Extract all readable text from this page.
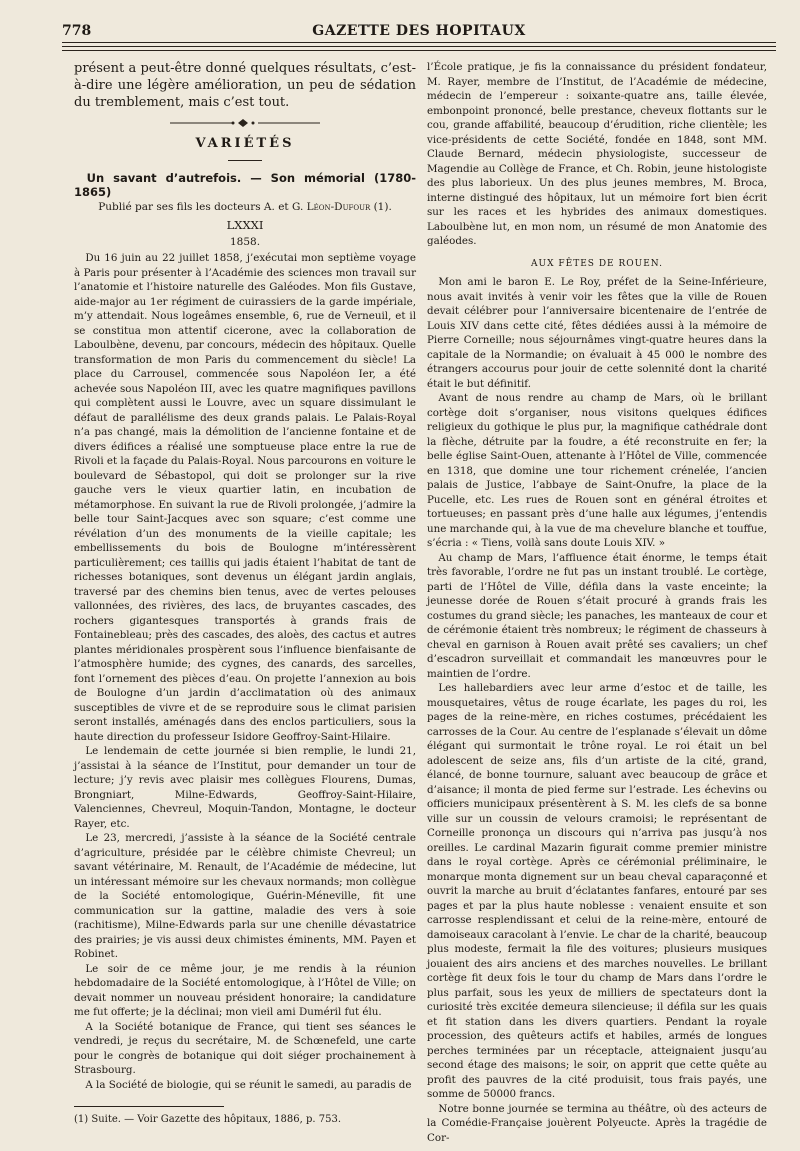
778	GAZETTE DES HOPITAUX

présent a peut-être donné quelques résultats, c’est-à-dire une légère amélioration, un peu de sédation du tremblement, mais c’est tout.

VARIÉTÉS

Un savant d’autrefois. — Son mémorial (1780-1865)

Publié par ses fils les docteurs A. et G. Léon-Dufour (1).
LXXXI
1858.

Du 16 juin au 22 juillet 1858, j’exécutai mon septième voyage à Paris pour présenter à l’Académie des sciences mon travail sur l’anatomie et l’histoire naturelle des Galéodes. Mon fils Gustave, aide-major au 1er régiment de cuirassiers de la garde impériale, m’y attendait. Nous logeâmes ensemble, 6, rue de Verneuil, et il se constitua mon attentif cicerone, avec la collaboration de Laboulbène, devenu, par concours, médecin des hôpitaux. Quelle transformation de mon Paris du commencement du siècle! La place du Carrousel, commencée sous Napoléon Ier, a été achevée sous Napoléon III, avec les quatre magnifiques pavillons qui complètent aussi le Louvre, avec un square dissimulant le défaut de parallélisme des deux grands palais. Le Palais-Royal n’a pas changé, mais la démolition de l’ancienne fontaine et de divers édifices a réalisé une somptueuse place entre la rue de Rivoli et la façade du Palais-Royal. Nous parcourons en voiture le boulevard de Sébastopol, qui doit se prolonger sur la rive gauche vers le vieux quartier latin, en incubation de métamorphose. En suivant la rue de Rivoli prolongée, j’admire la belle tour Saint-Jacques avec son square; c’est comme une révélation d’un des monuments de la vieille capitale; les embellissements du bois de Boulogne m’intéressèrent particulièrement; ces taillis qui jadis étaient l’habitat de tant de richesses botaniques, sont devenus un élégant jardin anglais, traversé par des chemins bien tenus, avec de vertes pelouses vallonnées, des rivières, des lacs, de bruyantes cascades, des rochers gigantesques transportés à grands frais de Fontainebleau; près des cascades, des aloès, des cactus et autres plantes méridionales prospèrent sous l’influence bienfaisante de l’atmosphère humide; des cygnes, des canards, des sarcelles, font l’ornement des pièces d’eau. On projette l’annexion au bois de Boulogne d’un jardin d’acclimatation où des animaux susceptibles de vivre et de se reproduire sous le climat parisien seront installés, aménagés dans des enclos particuliers, sous la haute direction du professeur Isidore Geoffroy-Saint-Hilaire.

Le lendemain de cette journée si bien remplie, le lundi 21, j’assistai à la séance de l’Institut, pour demander un tour de lecture; j’y revis avec plaisir mes collègues Flourens, Dumas, Brongniart, Milne-Edwards, Geoffroy-Saint-Hilaire, Valenciennes, Chevreul, Moquin-Tandon, Montagne, le docteur Rayer, etc.

Le 23, mercredi, j’assiste à la séance de la Société centrale d’agriculture, présidée par le célèbre chimiste Chevreul; un savant vétérinaire, M. Renault, de l’Académie de médecine, lut un intéressant mémoire sur les chevaux normands; mon collègue de la Société entomologique, Guérin-Méneville, fit une communication sur la gattine, maladie des vers à soie (rachitisme), Milne-Edwards parla sur une chenille dévastatrice des prairies; je vis aussi deux chimistes éminents, MM. Payen et Robinet.

Le soir de ce même jour, je me rendis à la réunion hebdomadaire de la Société entomologique, à l’Hôtel de Ville; on devait nommer un nouveau président honoraire; la candidature me fut offerte; je la déclinai; mon vieil ami Duméril fut élu.

A la Société botanique de France, qui tient ses séances le vendredi, je reçus du secrétaire, M. de Schœnefeld, une carte pour le congrès de botanique qui doit siéger prochainement à Strasbourg.

A la Société de biologie, qui se réunit le samedi, au paradis de

(1) Suite. — Voir Gazette des hôpitaux, 1886, p. 753.

l’École pratique, je fis la connaissance du président fondateur, M. Rayer, membre de l’Institut, de l’Académie de médecine, médecin de l’empereur : soixante-quatre ans, taille élevée, embonpoint prononcé, belle prestance, cheveux flottants sur le cou, grande affabilité, beaucoup d’érudition, riche clientèle; les vice-présidents de cette Société, fondée en 1848, sont MM. Claude Bernard, médecin physiologiste, successeur de Magendie au Collège de France, et Ch. Robin, jeune histologiste des plus laborieux. Un des plus jeunes membres, M. Broca, interne distingué des hôpitaux, lut un mémoire fort bien écrit sur les races et les hybrides des animaux domestiques. Laboulbène lut, en mon nom, un résumé de mon Anatomie des galéodes.

AUX FÊTES DE ROUEN.

Mon ami le baron E. Le Roy, préfet de la Seine-Inférieure, nous avait invités à venir voir les fêtes que la ville de Rouen devait célébrer pour l’anniversaire bicentenaire de l’entrée de Louis XIV dans cette cité, fêtes dédiées aussi à la mémoire de Pierre Corneille; nous séjournâmes vingt-quatre heures dans la capitale de la Normandie; on évaluait à 45 000 le nombre des étrangers accourus pour jouir de cette solennité dont la charité était le but définitif.

Avant de nous rendre au champ de Mars, où le brillant cortège doit s’organiser, nous visitons quelques édifices religieux du gothique le plus pur, la magnifique cathédrale dont la flèche, détruite par la foudre, a été reconstruite en fer; la belle église Saint-Ouen, attenante à l’Hôtel de Ville, commencée en 1318, que domine une tour richement crénelée, l’ancien palais de Justice, l’abbaye de Saint-Onufre, la place de la Pucelle, etc. Les rues de Rouen sont en général étroites et tortueuses; en passant près d’une halle aux légumes, j’entendis une marchande qui, à la vue de ma chevelure blanche et touffue, s’écria : « Tiens, voilà sans doute Louis XIV. »

Au champ de Mars, l’affluence était énorme, le temps était très favorable, l’ordre ne fut pas un instant troublé. Le cortège, parti de l’Hôtel de Ville, défila dans la vaste enceinte; la jeunesse dorée de Rouen s’était procuré à grands frais les costumes du grand siècle; les panaches, les manteaux de cour et de cérémonie étaient très nombreux; le régiment de chasseurs à cheval en garnison à Rouen avait prêté ses cavaliers; un chef d’escadron surveillait et commandait les manœuvres pour le maintien de l’ordre.

Les hallebardiers avec leur arme d’estoc et de taille, les mousquetaires, vêtus de rouge écarlate, les pages du roi, les pages de la reine-mère, en riches costumes, précédaient les carrosses de la Cour. Au centre de l’esplanade s’élevait un dôme élégant qui surmontait le trône royal. Le roi était un bel adolescent de seize ans, fils d’un artiste de la cité, grand, élancé, de bonne tournure, saluant avec beaucoup de grâce et d’aisance; il monta de pied ferme sur l’estrade. Les échevins ou officiers municipaux présentèrent à S. M. les clefs de sa bonne ville sur un coussin de velours cramoisi; le représentant de Corneille prononça un discours qui n’arriva pas jusqu’à nos oreilles. Le cardinal Mazarin figurait comme premier ministre dans le royal cortège. Après ce cérémonial préliminaire, le monarque monta dignement sur un beau cheval caparaçonné et ouvrit la marche au bruit d’éclatantes fanfares, entouré par ses pages et par la plus haute noblesse : venaient ensuite et son carrosse resplendissant et celui de la reine-mère, entouré de damoiseaux caracolant à l’envie. Le char de la charité, beaucoup plus modeste, fermait la file des voitures; plusieurs musiques jouaient des airs anciens et des marches nouvelles. Le brillant cortège fit deux fois le tour du champ de Mars dans l’ordre le plus parfait, sous les yeux de milliers de spectateurs dont la curiosité très excitée demeura silencieuse; il défila sur les quais et fit station dans les divers quartiers. Pendant la royale procession, des quêteurs actifs et habiles, armés de longues perches terminées par un réceptacle, atteignaient jusqu’au second étage des maisons; le soir, on apprit que cette quête au profit des pauvres de la cité produisit, tous frais payés, une somme de 50000 francs.

Notre bonne journée se termina au théâtre, où des acteurs de la Comédie-Française jouèrent Polyeucte. Après la tragédie de Cor-
